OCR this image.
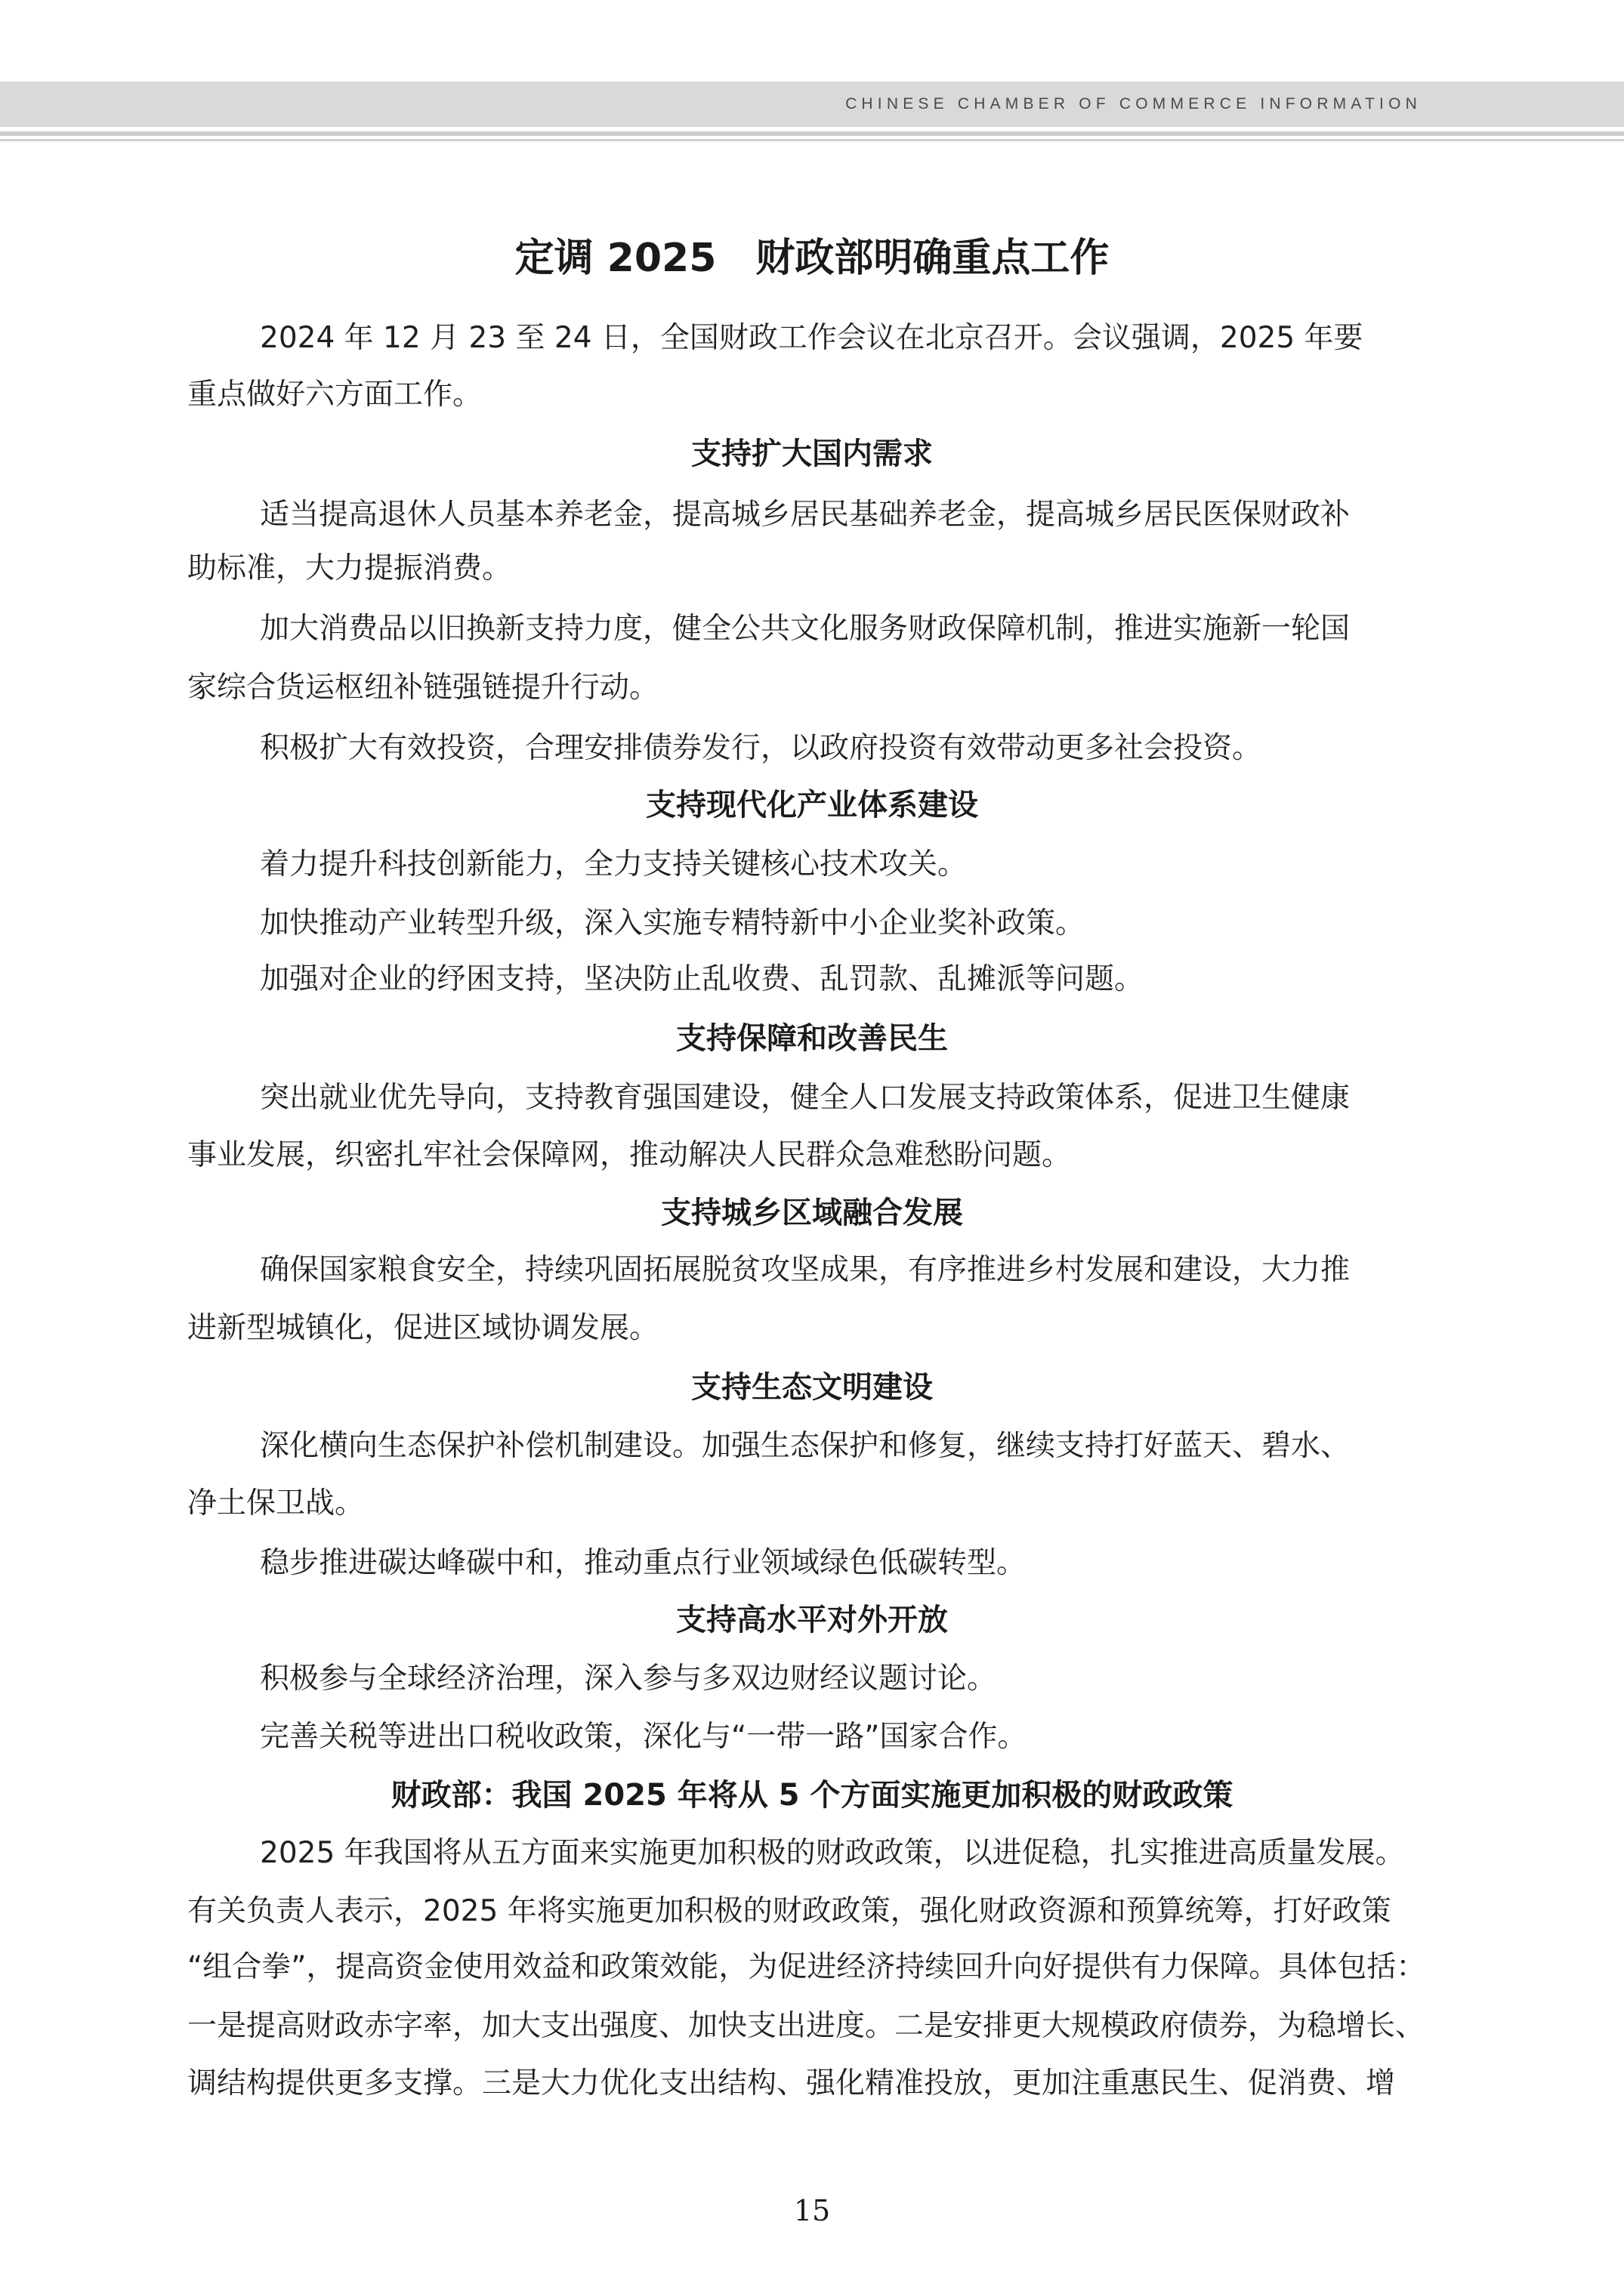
CHINESE CHAMBER OF COMMERCE INFORMATION
定调 2025　财政部明确重点工作
2024 年 12 月 23 至 24 日，全国财政工作会议在北京召开。会议强调，2025 年要
重点做好六方面工作。
支持扩大国内需求
适当提高退休人员基本养老金，提高城乡居民基础养老金，提高城乡居民医保财政补
助标准，大力提振消费。
加大消费品以旧换新支持力度，健全公共文化服务财政保障机制，推进实施新一轮国
家综合货运枢纽补链强链提升行动。
积极扩大有效投资，合理安排债券发行，以政府投资有效带动更多社会投资。
支持现代化产业体系建设
着力提升科技创新能力，全力支持关键核心技术攻关。
加快推动产业转型升级，深入实施专精特新中小企业奖补政策。
加强对企业的纾困支持，坚决防止乱收费、乱罚款、乱摊派等问题。
支持保障和改善民生
突出就业优先导向，支持教育强国建设，健全人口发展支持政策体系，促进卫生健康
事业发展，织密扎牢社会保障网，推动解决人民群众急难愁盼问题。
支持城乡区域融合发展
确保国家粮食安全，持续巩固拓展脱贫攻坚成果，有序推进乡村发展和建设，大力推
进新型城镇化，促进区域协调发展。
支持生态文明建设
深化横向生态保护补偿机制建设。加强生态保护和修复，继续支持打好蓝天、碧水、
净土保卫战。
稳步推进碳达峰碳中和，推动重点行业领域绿色低碳转型。
支持高水平对外开放
积极参与全球经济治理，深入参与多双边财经议题讨论。
完善关税等进出口税收政策，深化与“一带一路”国家合作。
财政部：我国 2025 年将从 5 个方面实施更加积极的财政政策
2025 年我国将从五方面来实施更加积极的财政政策，以进促稳，扎实推进高质量发展。
有关负责人表示，2025 年将实施更加积极的财政政策，强化财政资源和预算统筹，打好政策
“组合拳”，提高资金使用效益和政策效能，为促进经济持续回升向好提供有力保障。具体包括：
一是提高财政赤字率，加大支出强度、加快支出进度。二是安排更大规模政府债券，为稳增长、
调结构提供更多支撑。三是大力优化支出结构、强化精准投放，更加注重惠民生、促消费、增
15
